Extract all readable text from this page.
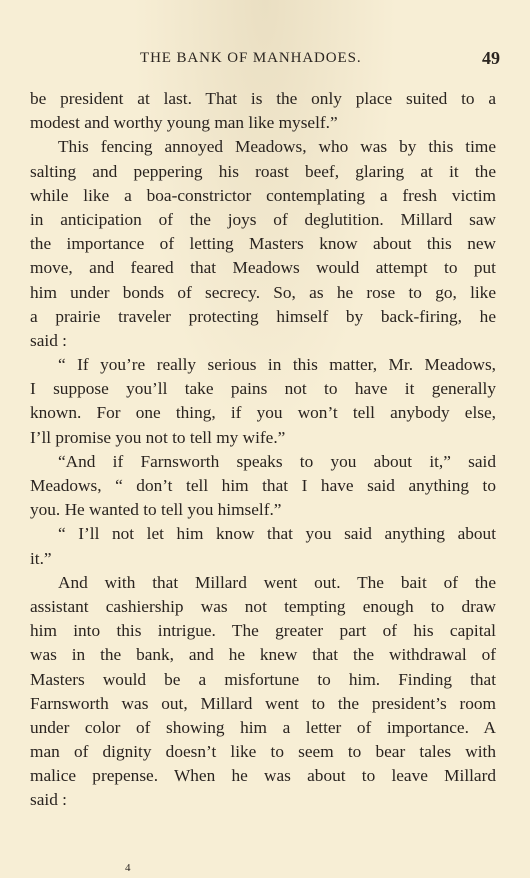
THE BANK OF MANHADOES.	49
be president at last. That is the only place suited to a
modest and worthy young man like myself.”
This fencing annoyed Meadows, who was by this time
salting and peppering his roast beef, glaring at it the
while like a boa-constrictor contemplating a fresh victim
in anticipation of the joys of deglutition. Millard saw
the importance of letting Masters know about this new
move, and feared that Meadows would attempt to put
him under bonds of secrecy. So, as he rose to go, like
a prairie traveler protecting himself by back-firing, he
said :
“ If you’re really serious in this matter, Mr. Meadows,
I suppose you’ll take pains not to have it generally
known. For one thing, if you won’t tell anybody else,
I’ll promise you not to tell my wife.”
“And if Farnsworth speaks to you about it,” said
Meadows, “ don’t tell him that I have said anything to
you. He wanted to tell you himself.”
“ I’ll not let him know that you said anything about
it.”
And with that Millard went out. The bait of the
assistant cashiership was not tempting enough to draw
him into this intrigue. The greater part of his capital
was in the bank, and he knew that the withdrawal of
Masters would be a misfortune to him. Finding that
Farnsworth was out, Millard went to the president’s room
under color of showing him a letter of importance. A
man of dignity doesn’t like to seem to bear tales with
malice prepense. When he was about to leave Millard
said :
4
